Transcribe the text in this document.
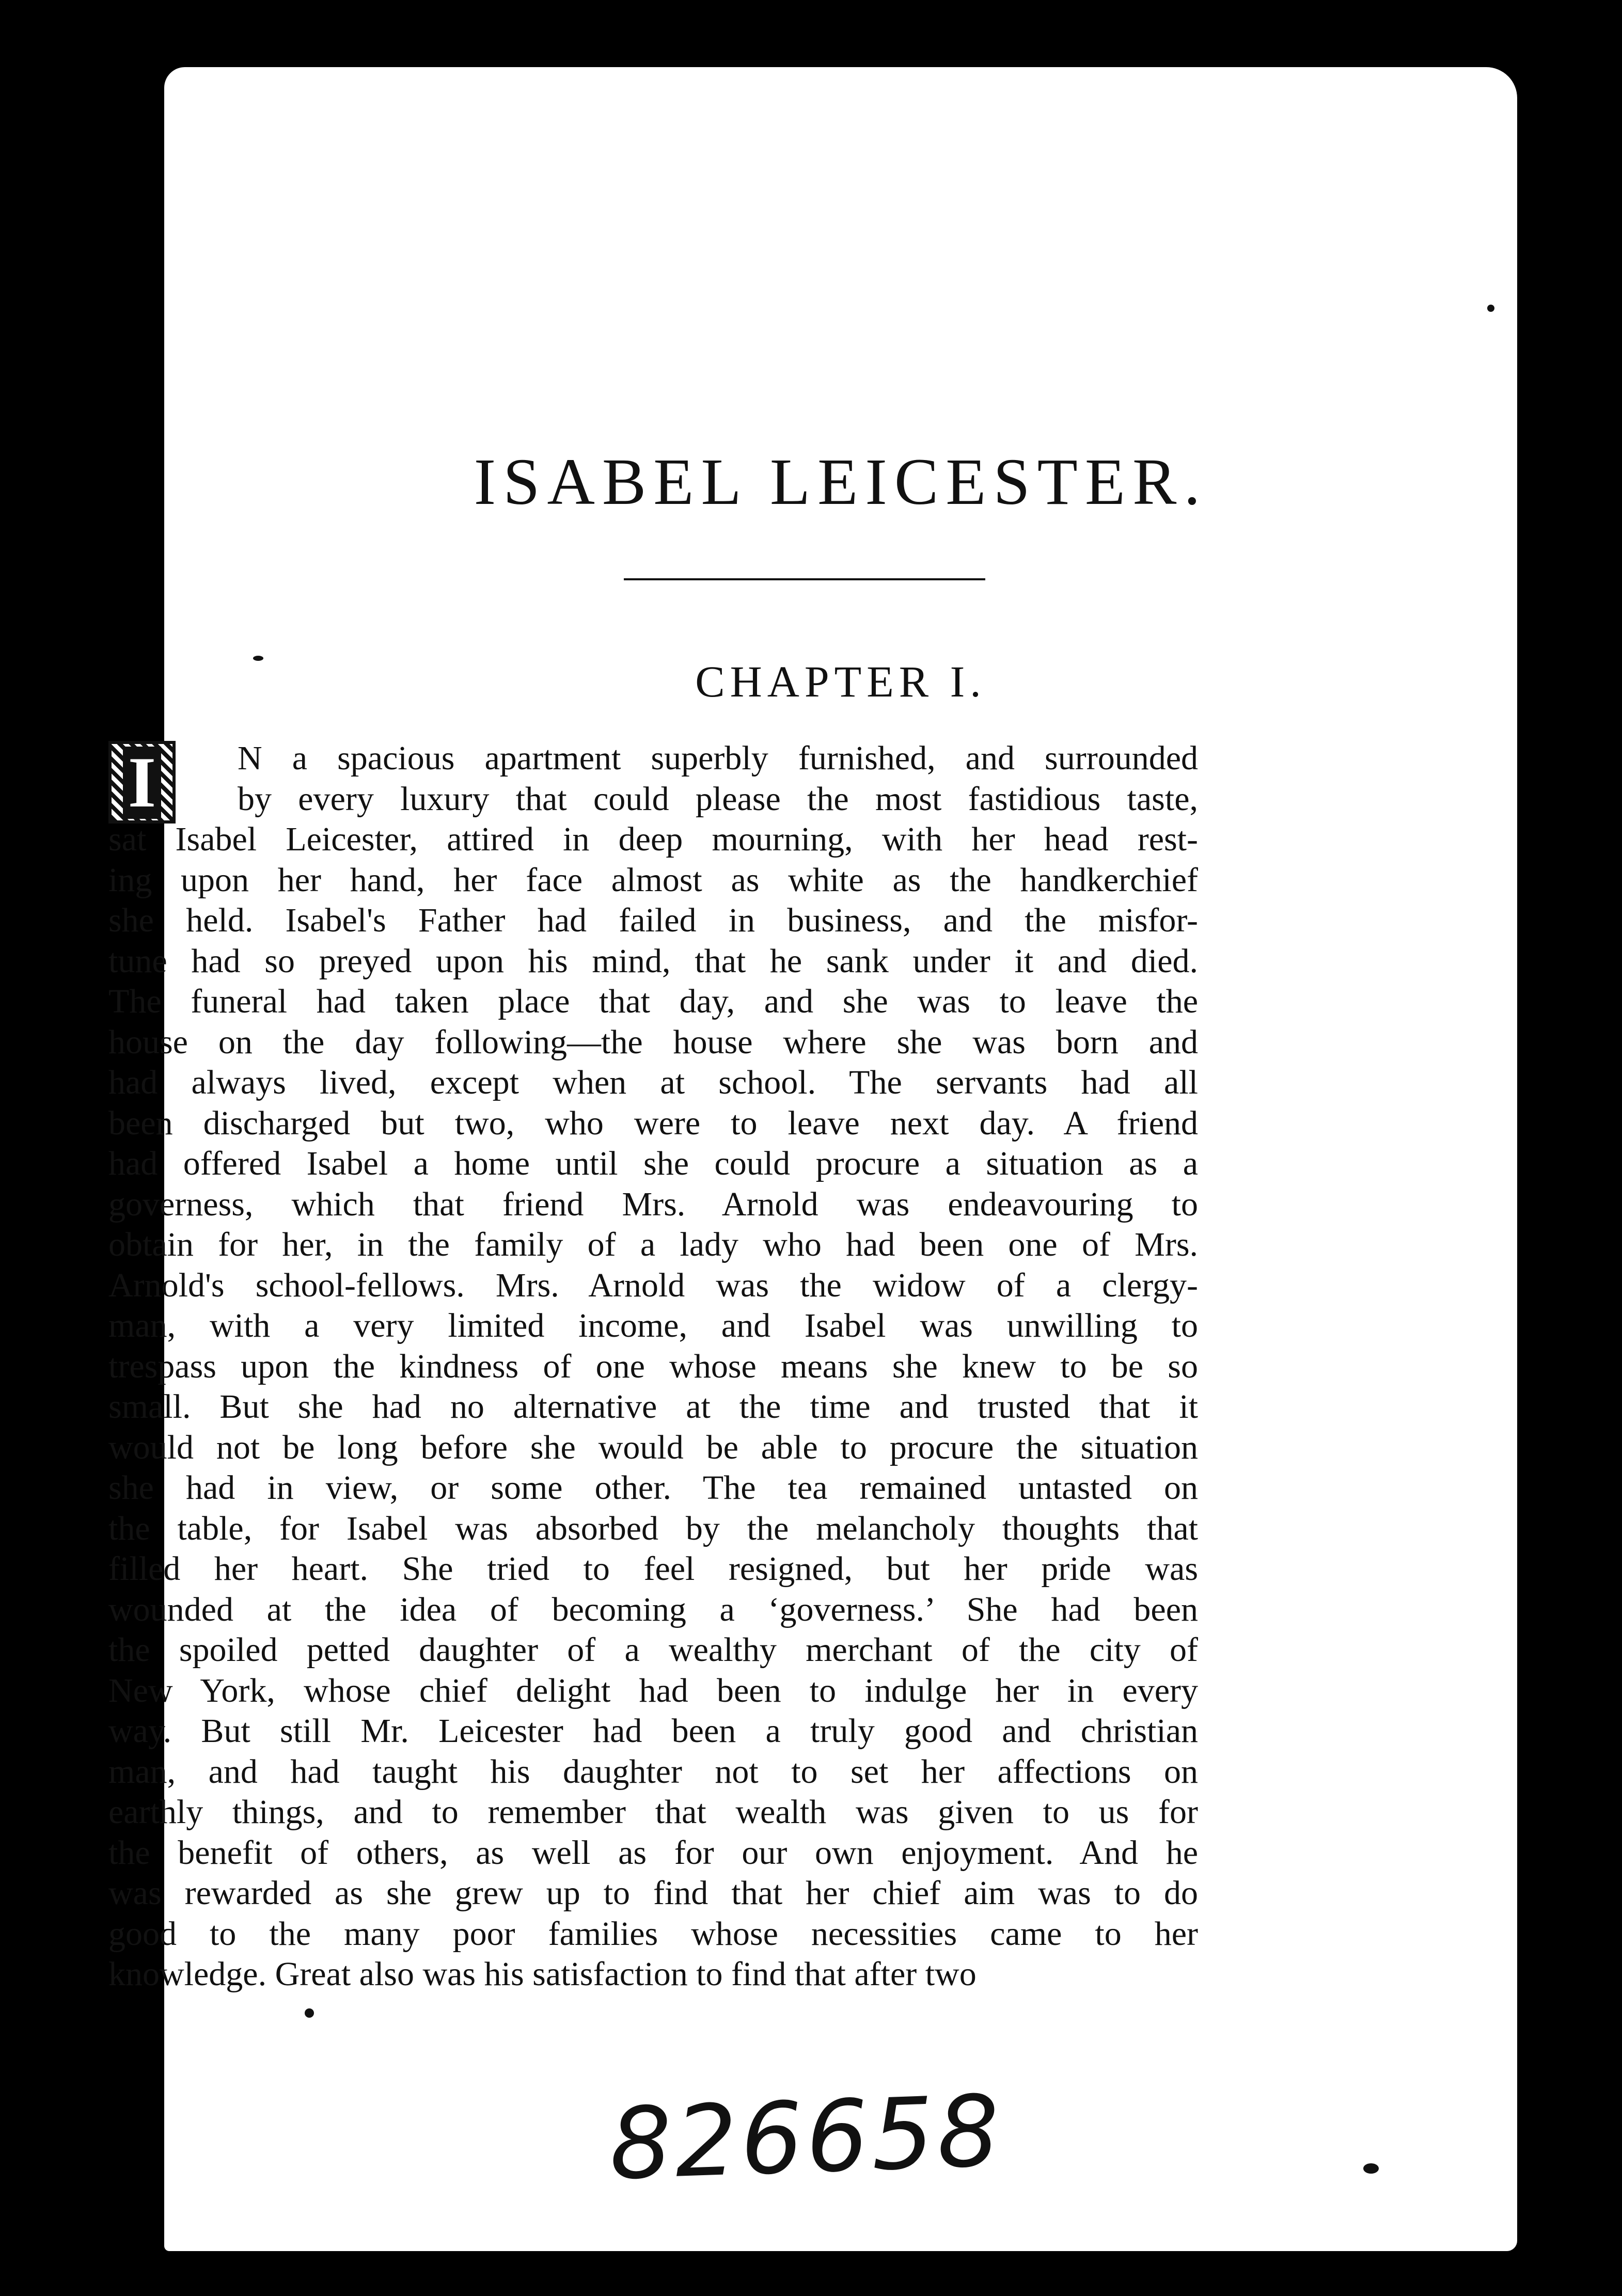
ISABEL LEICESTER.
CHAPTER I.
I	N a spacious apartment superbly furnished, and surrounded
by every luxury that could please the most fastidious taste,
sat Isabel Leicester, attired in deep mourning, with her head rest-
ing upon her hand, her face almost as white as the handkerchief
she held. Isabel's Father had failed in business, and the misfor-
tune had so preyed upon his mind, that he sank under it and died.
The funeral had taken place that day, and she was to leave the
house on the day following—the house where she was born and
had always lived, except when at school. The servants had all
been discharged but two, who were to leave next day. A friend
had offered Isabel a home until she could procure a situation as a
governess, which that friend Mrs. Arnold was endeavouring to
obtain for her, in the family of a lady who had been one of Mrs.
Arnold's school-fellows. Mrs. Arnold was the widow of a clergy-
man, with a very limited income, and Isabel was unwilling to
trespass upon the kindness of one whose means she knew to be so
small. But she had no alternative at the time and trusted that it
would not be long before she would be able to procure the situation
she had in view, or some other. The tea remained untasted on
the table, for Isabel was absorbed by the melancholy thoughts that
filled her heart. She tried to feel resigned, but her pride was
wounded at the idea of becoming a ‘governess.’ She had been
the spoiled petted daughter of a wealthy merchant of the city of
New York, whose chief delight had been to indulge her in every
way. But still Mr. Leicester had been a truly good and christian
man, and had taught his daughter not to set her affections on
earthly things, and to remember that wealth was given to us for
the benefit of others, as well as for our own enjoyment. And he
was rewarded as she grew up to find that her chief aim was to do
good to the many poor families whose necessities came to her
knowledge. Great also was his satisfaction to find that after two
826658
